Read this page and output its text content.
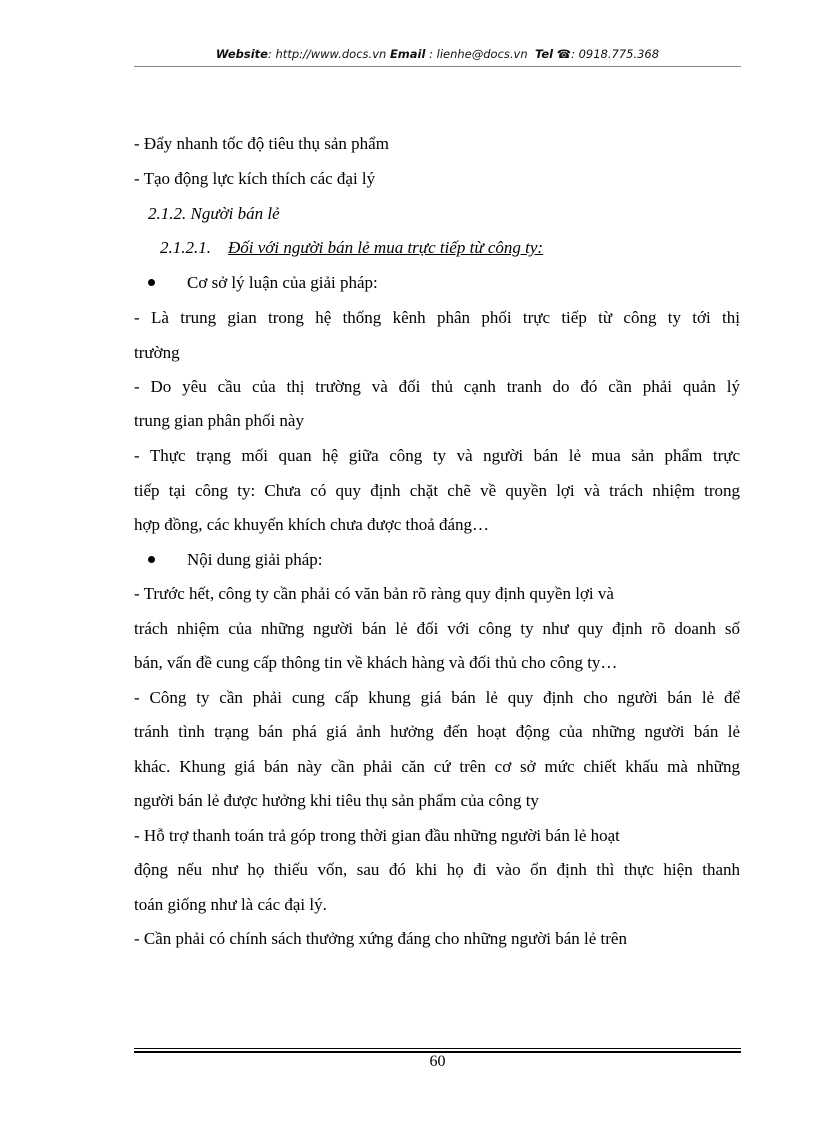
Website: http://www.docs.vn Email : lienhe@docs.vn Tel ☎: 0918.775.368
- Đẩy nhanh tốc độ tiêu thụ sản phẩm
- Tạo động lực kích thích các đại lý
2.1.2. Người bán lẻ
2.1.2.1. Đối với người bán lẻ mua trực tiếp từ công ty:
Cơ sở lý luận của giải pháp:
- Là trung gian trong hệ thống kênh phân phối trực tiếp từ công ty tới thị
trường
- Do yêu cầu của thị trường và đối thủ cạnh tranh do đó cần phải quản lý
trung gian phân phối này
- Thực trạng mối quan hệ giữa công ty và người bán lẻ mua sản phẩm trực
tiếp tại công ty: Chưa có quy định chặt chẽ về quyền lợi và trách nhiệm trong
hợp đồng, các khuyến khích chưa được thoả đáng…
Nội dung giải pháp:
- Trước hết, công ty cần phải có văn bản rõ ràng quy định quyền lợi và
trách nhiệm của những người bán lẻ đối với công ty như quy định rõ doanh số
bán, vấn đề cung cấp thông tin về khách hàng và đối thủ cho công ty…
- Công ty cần phải cung cấp khung giá bán lẻ quy định cho người bán lẻ để
tránh tình trạng bán phá giá ảnh hưởng đến hoạt động của những người bán lẻ
khác. Khung giá bán này cần phải căn cứ trên cơ sở mức chiết khấu mà những
người bán lẻ được hưởng khi tiêu thụ sản phẩm của công ty
- Hỗ trợ thanh toán trả góp trong thời gian đầu những người bán lẻ hoạt
động nếu như họ thiếu vốn, sau đó khi họ đi vào ổn định thì thực hiện thanh
toán giống như là các đại lý.
- Cần phải có chính sách thưởng xứng đáng cho những người bán lẻ trên
60
